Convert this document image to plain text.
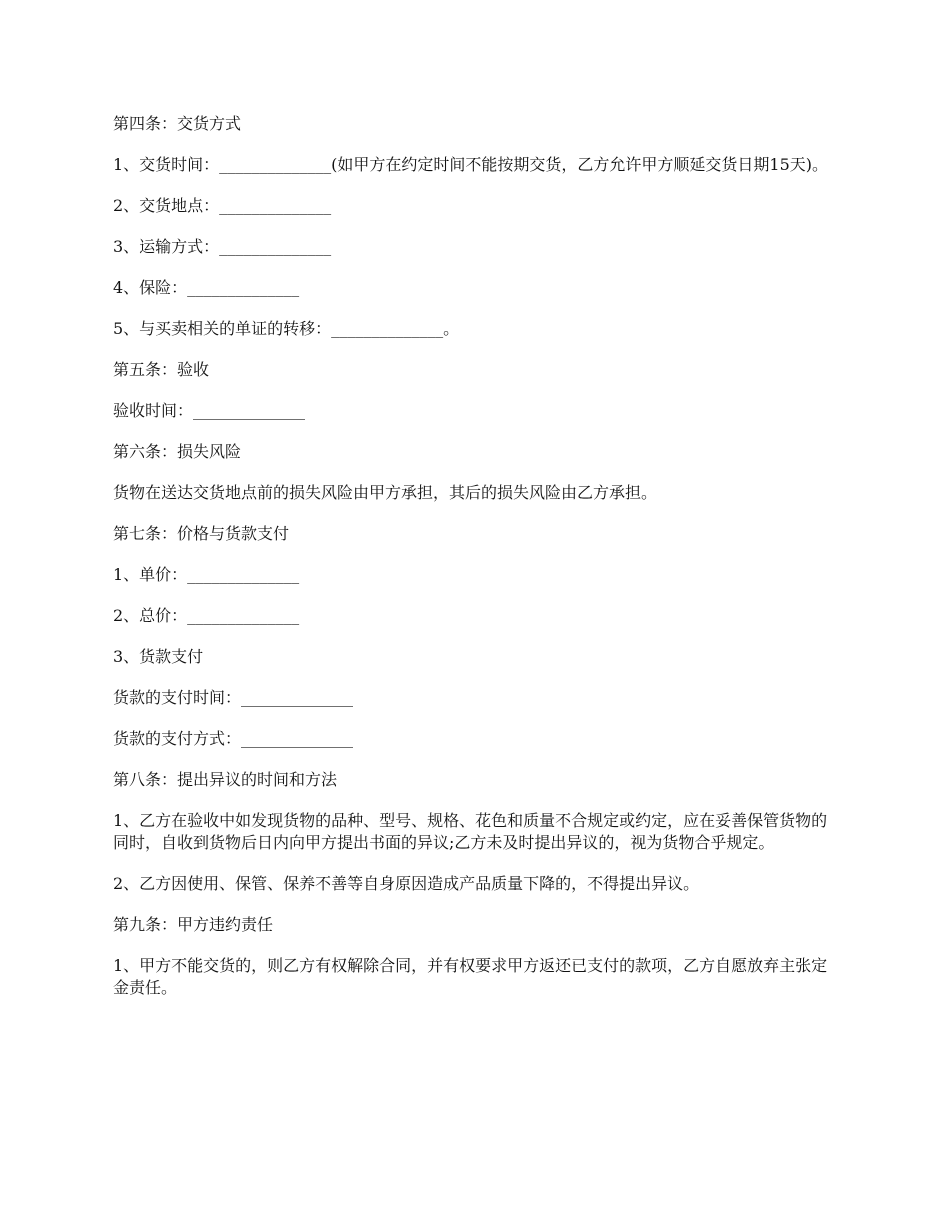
第四条：交货方式

1、交货时间：______________(如甲方在约定时间不能按期交货，乙方允许甲方顺延交货日期15天)。

2、交货地点：______________

3、运输方式：______________

4、保险：______________

5、与买卖相关的单证的转移：______________。

第五条：验收

验收时间：______________

第六条：损失风险

货物在送达交货地点前的损失风险由甲方承担，其后的损失风险由乙方承担。

第七条：价格与货款支付

1、单价：______________

2、总价：______________

3、货款支付

货款的支付时间：______________

货款的支付方式：______________

第八条：提出异议的时间和方法

1、乙方在验收中如发现货物的品种、型号、规格、花色和质量不合规定或约定，应在妥善保管货物的同时，自收到货物后日内向甲方提出书面的异议;乙方未及时提出异议的，视为货物合乎规定。

2、乙方因使用、保管、保养不善等自身原因造成产品质量下降的，不得提出异议。

第九条：甲方违约责任

1、甲方不能交货的，则乙方有权解除合同，并有权要求甲方返还已支付的款项，乙方自愿放弃主张定金责任。
